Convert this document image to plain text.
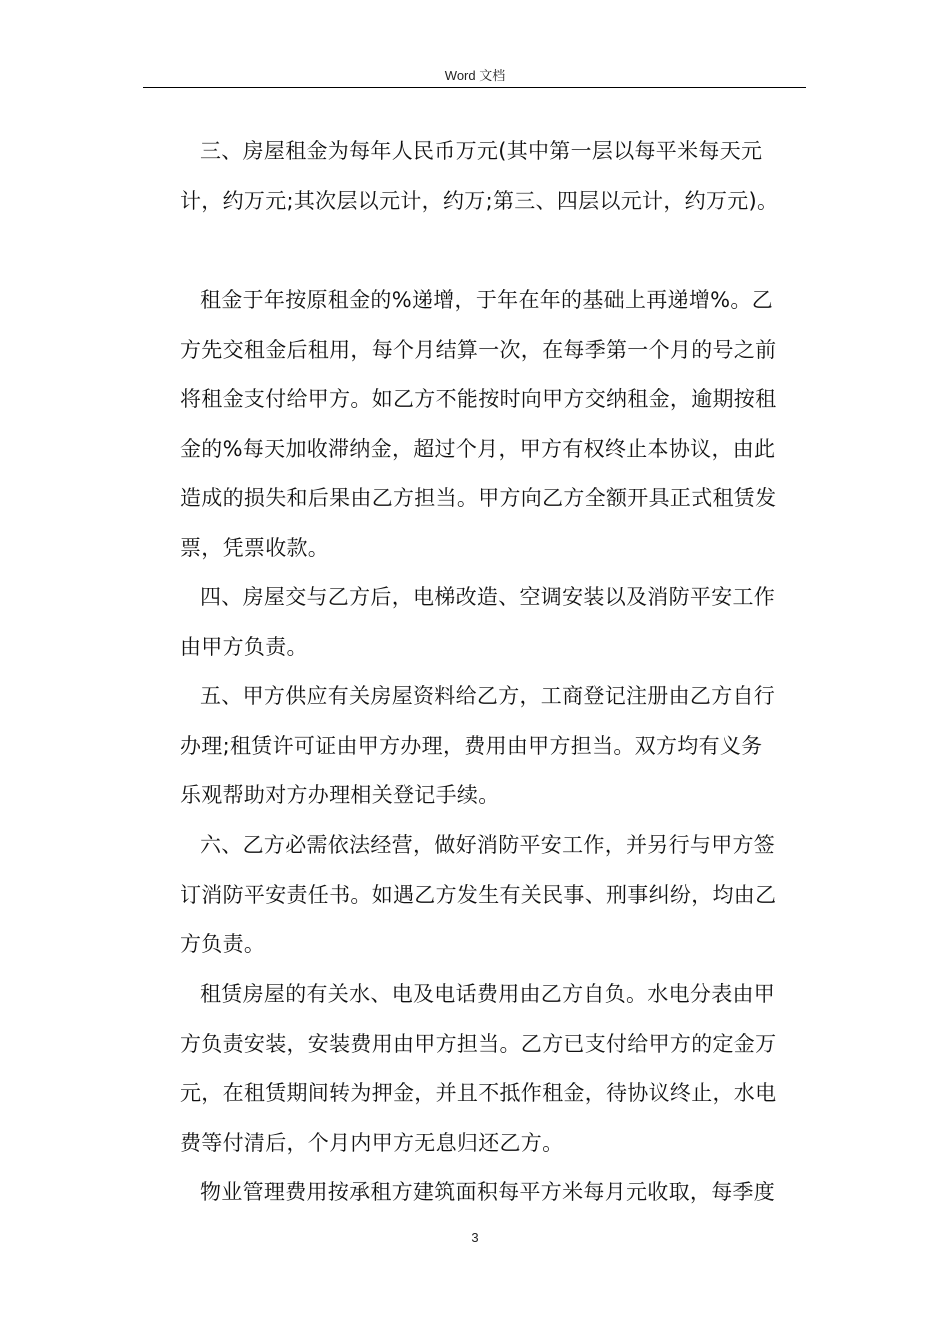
Word 文档
三、房屋租金为每年人民币万元(其中第一层以每平米每天元
计，约万元;其次层以元计，约万;第三、四层以元计，约万元)。
租金于年按原租金的%递增，于年在年的基础上再递增%。乙
方先交租金后租用，每个月结算一次，在每季第一个月的号之前
将租金支付给甲方。如乙方不能按时向甲方交纳租金，逾期按租
金的%每天加收滞纳金，超过个月，甲方有权终止本协议，由此
造成的损失和后果由乙方担当。甲方向乙方全额开具正式租赁发
票，凭票收款。
四、房屋交与乙方后，电梯改造、空调安装以及消防平安工作
由甲方负责。
五、甲方供应有关房屋资料给乙方，工商登记注册由乙方自行
办理;租赁许可证由甲方办理，费用由甲方担当。双方均有义务
乐观帮助对方办理相关登记手续。
六、乙方必需依法经营，做好消防平安工作，并另行与甲方签
订消防平安责任书。如遇乙方发生有关民事、刑事纠纷，均由乙
方负责。
租赁房屋的有关水、电及电话费用由乙方自负。水电分表由甲
方负责安装，安装费用由甲方担当。乙方已支付给甲方的定金万
元，在租赁期间转为押金，并且不抵作租金，待协议终止，水电
费等付清后，个月内甲方无息归还乙方。
物业管理费用按承租方建筑面积每平方米每月元收取，每季度
3
